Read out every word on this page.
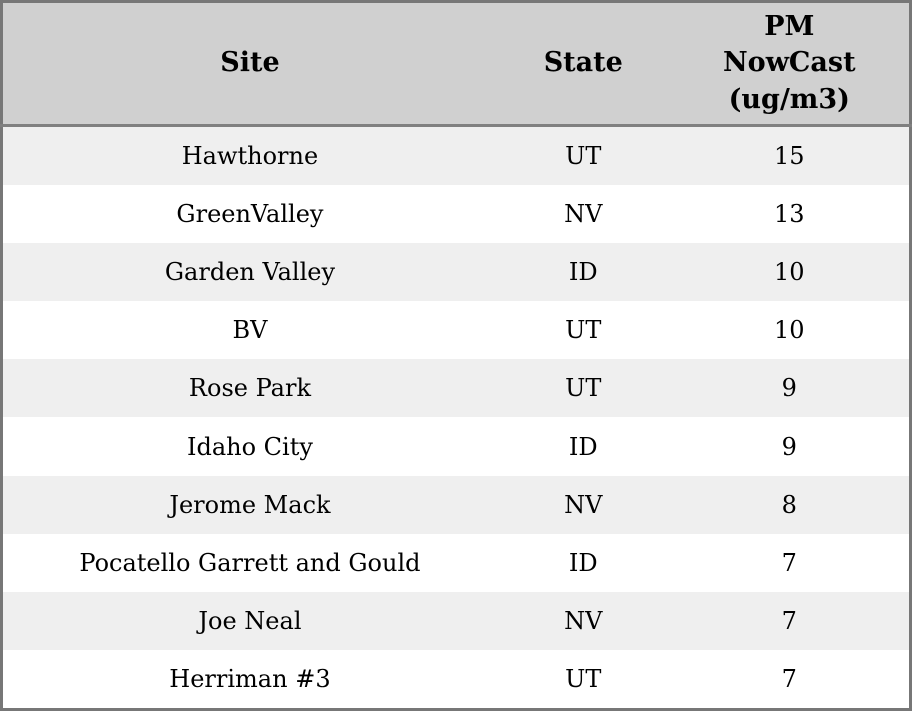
Site	State	PM
NowCast
(ug/m3)

Hawthorne	UT	15
GreenValley	NV	13
Garden Valley	ID	10
BV	UT	10
Rose Park	UT	9
Idaho City	ID	9
Jerome Mack	NV	8
Pocatello Garrett and Gould	ID	7
Joe Neal	NV	7
Herriman #3	UT	7
